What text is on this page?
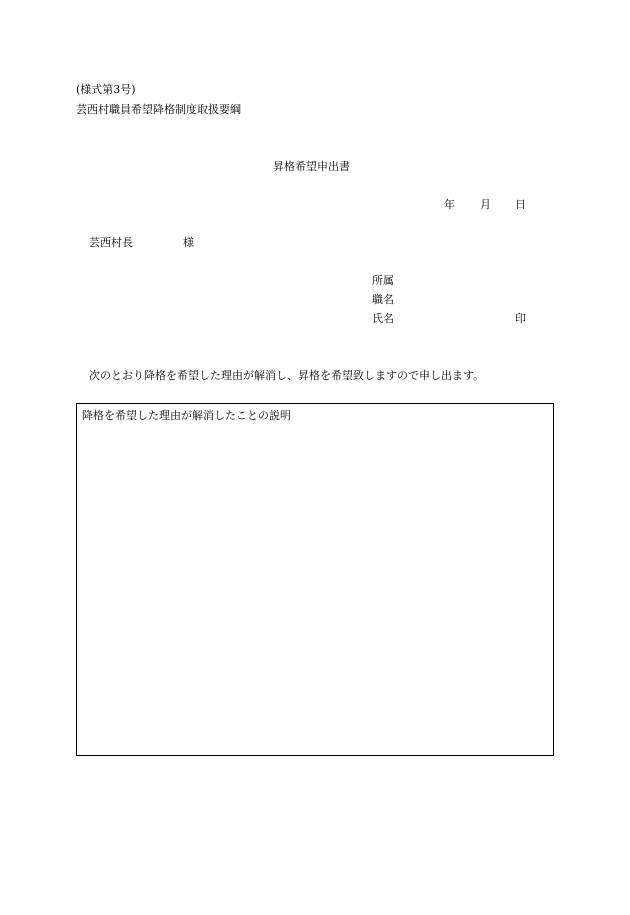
(様式第3号)
芸西村職員希望降格制度取扱要綱
昇格希望申出書
年 月 日
芸西村長	様
所属
職名
氏名	印
次のとおり降格を希望した理由が解消し、昇格を希望致しますので申し出ます。
降格を希望した理由が解消したことの説明
